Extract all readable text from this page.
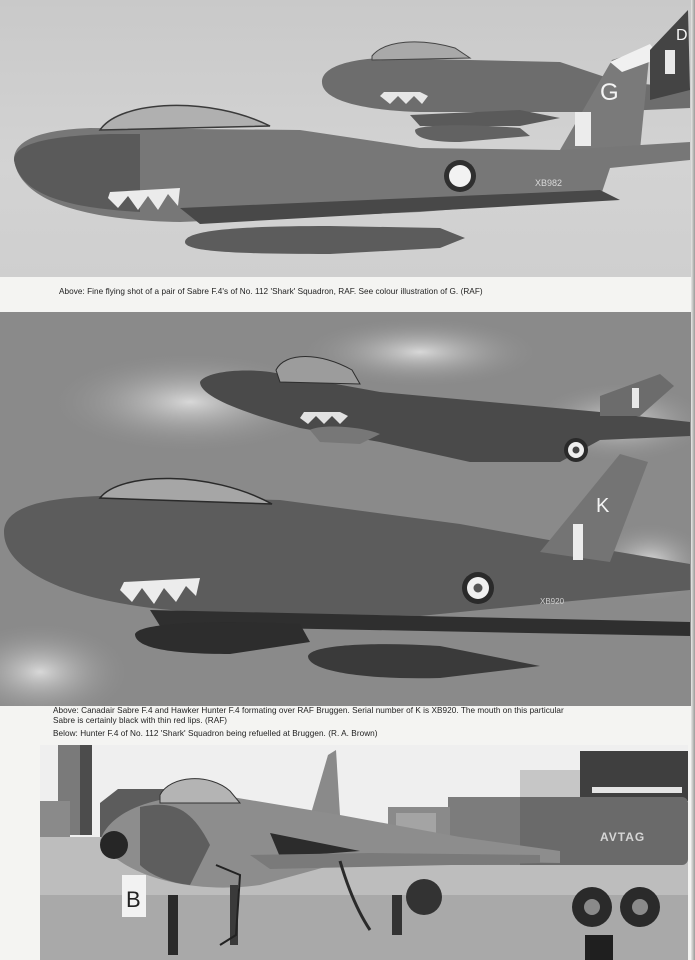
D
G
XB982
Above: Fine flying shot of a pair of Sabre F.4's of No. 112 'Shark' Squadron, RAF. See colour illustration of G. (RAF)
K
XB920
Above: Canadair Sabre F.4 and Hawker Hunter F.4 formating over RAF Bruggen. Serial number of K is XB920. The mouth on this particular
Sabre is certainly black with thin red lips. (RAF)
Below: Hunter F.4 of No. 112 'Shark' Squadron being refuelled at Bruggen. (R. A. Brown)
AVTAG
B
